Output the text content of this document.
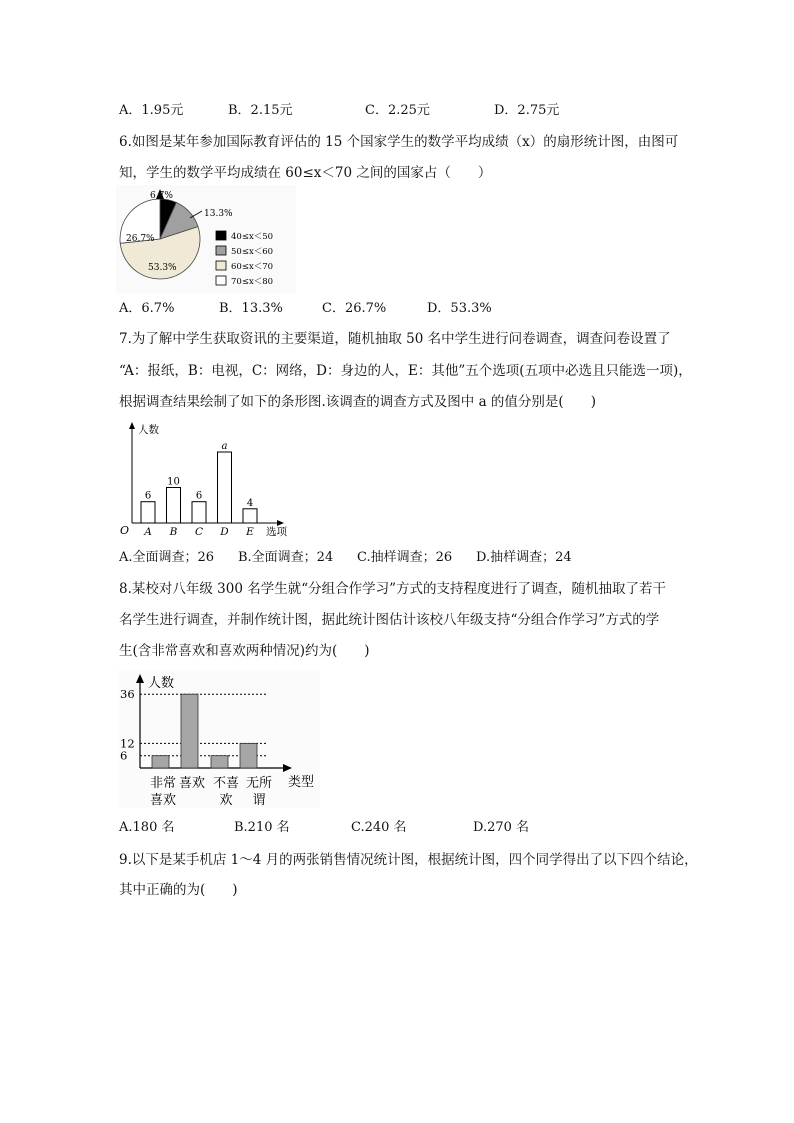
A．1.95元	B．2.15元	C．2.25元	D．2.75元
6.如图是某年参加国际教育评估的 15 个国家学生的数学平均成绩（x）的扇形统计图，由图可
知，学生的数学平均成绩在 60≤x＜70 之间的国家占（　　）
6.7%
13.3%
53.3%
26.7%	40≤x＜50
50≤x＜60
60≤x＜70
70≤x＜80
A．6.7%	B．13.3%	C．26.7%	D．53.3%
7.为了解中学生获取资讯的主要渠道，随机抽取 50 名中学生进行问卷调查，调查问卷设置了
“A：报纸，B：电视，C：网络，D：身边的人，E：其他”五个选项(五项中必选且只能选一项)，
根据调查结果绘制了如下的条形图.该调查的调查方式及图中 a 的值分别是(　　)
人数
选项
O
6
A
10
B
6
C
a
D
4
E
A.全面调查；26 B.全面调查；24 C.抽样调查；26 D.抽样调查；24
8.某校对八年级 300 名学生就“分组合作学习”方式的支持程度进行了调查，随机抽取了若干
名学生进行调查，并制作统计图，据此统计图估计该校八年级支持“分组合作学习”方式的学
生(含非常喜欢和喜欢两种情况)约为(　　)
人数
类型
6
12
36
非常
喜欢
喜欢 不喜
欢
无所
谓
A.180 名	B.210 名	C.240 名	D.270 名
9.以下是某手机店 1～4 月的两张销售情况统计图，根据统计图，四个同学得出了以下四个结论，
其中正确的为(　　)
